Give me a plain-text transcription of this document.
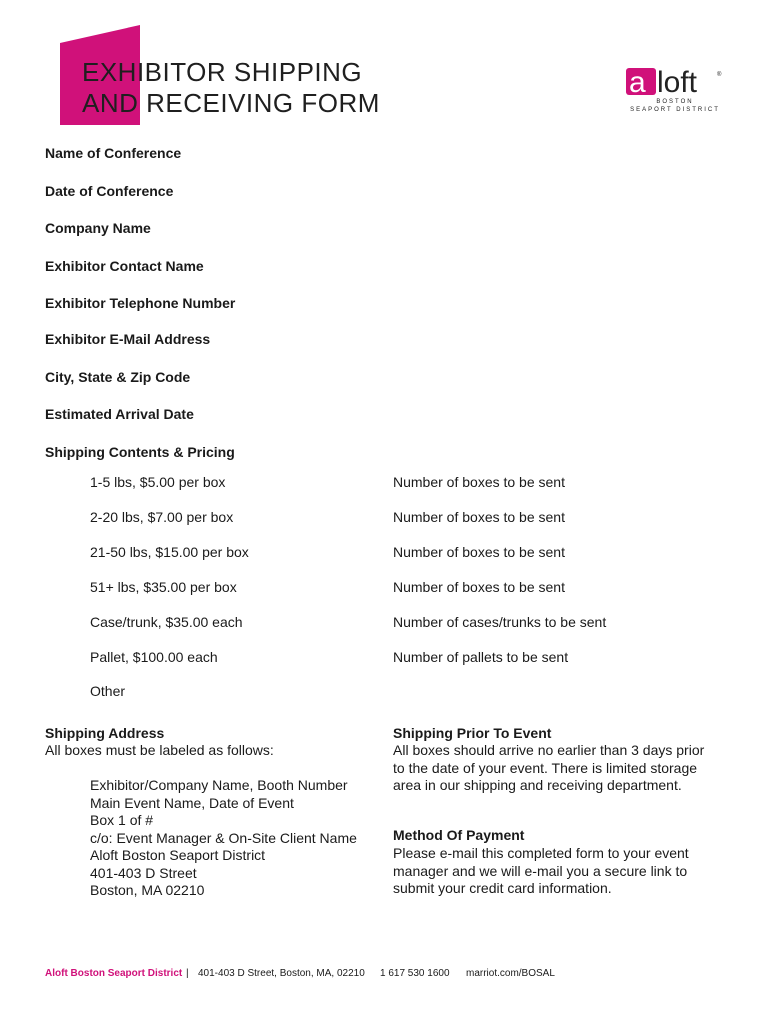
EXHIBITOR SHIPPING
AND RECEIVING FORM
a loft	®
BOSTON
SEAPORT DISTRICT
Name of Conference
Date of Conference
Company Name
Exhibitor Contact Name
Exhibitor Telephone Number
Exhibitor E-Mail Address
City, State & Zip Code
Estimated Arrival Date
Shipping Contents & Pricing
1-5 lbs, $5.00 per box	Number of boxes to be sent
2-20 lbs, $7.00 per box	Number of boxes to be sent
21-50 lbs, $15.00 per box	Number of boxes to be sent
51+ lbs, $35.00 per box	Number of boxes to be sent
Case/trunk, $35.00 each	Number of cases/trunks to be sent
Pallet, $100.00 each	Number of pallets to be sent
Other
Shipping Address
All boxes must be labeled as follows:
Exhibitor/Company Name, Booth Number
Main Event Name, Date of Event
Box 1 of #
c/o: Event Manager & On-Site Client Name
Aloft Boston Seaport District
401-403 D Street
Boston, MA 02210
Shipping Prior To Event
All boxes should arrive no earlier than 3 days prior
to the date of your event. There is limited storage
area in our shipping and receiving department.
Method Of Payment
Please e-mail this completed form to your event
manager and we will e-mail you a secure link to
submit your credit card information.
Aloft Boston Seaport District | 401-403 D Street, Boston, MA, 02210 1 617 530 1600 marriot.com/BOSAL
